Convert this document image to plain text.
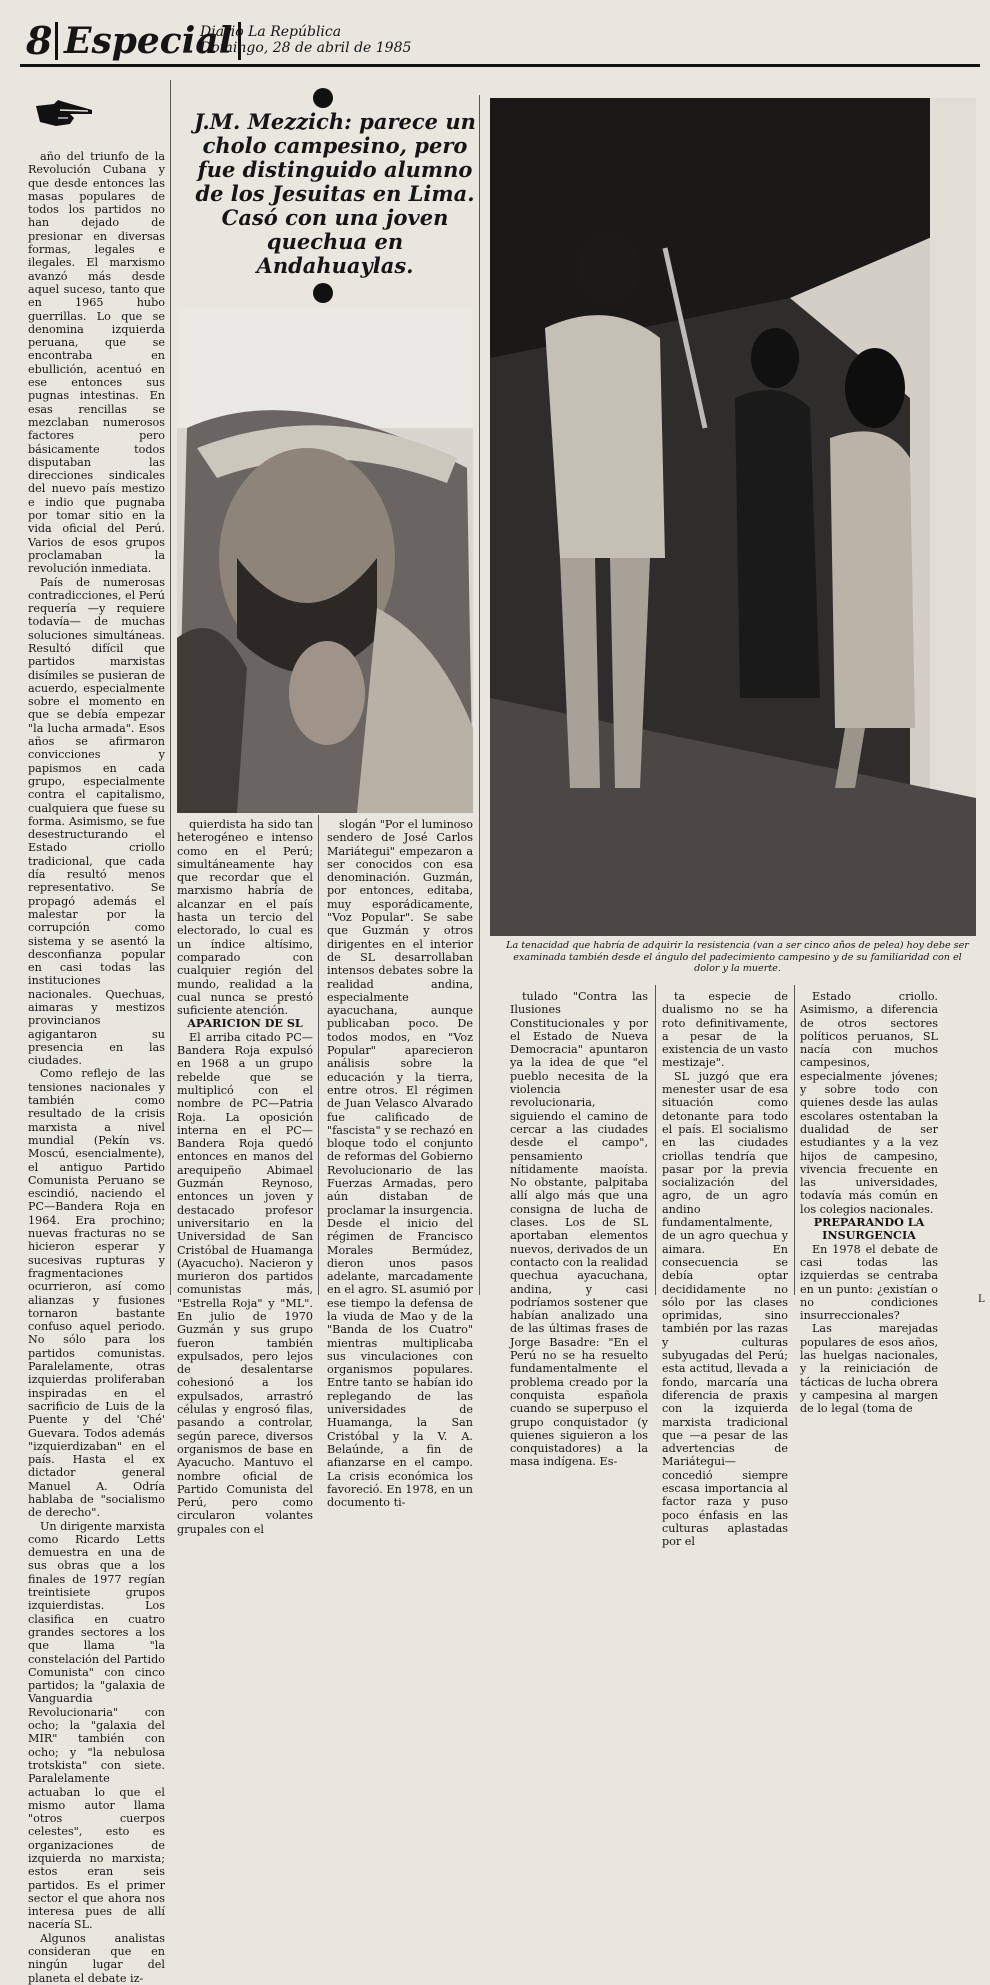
8 Especial
Diario La República
Domingo, 28 de abril de 1985

año del triunfo de la Revolución Cubana y que desde entonces las masas populares de todos los partidos no han dejado de presionar en diversas formas, legales e ilegales. El marxismo avanzó más desde aquel suceso, tanto que en 1965 hubo guerrillas. Lo que se denomina izquierda peruana, que se encontraba en ebullición, acentuó en ese entonces sus pugnas intestinas. En esas rencillas se mezclaban numerosos factores pero básicamente todos disputaban las direcciones sindicales del nuevo país mestizo e indio que pugnaba por tomar sitio en la vida oficial del Perú. Varios de esos grupos proclamaban la revolución inmediata.

País de numerosas contradicciones, el Perú requería —y requiere todavía— de muchas soluciones simultáneas. Resultó difícil que partidos marxistas disímiles se pusieran de acuerdo, especialmente sobre el momento en que se debía empezar "la lucha armada". Esos años se afirmaron convicciones y papismos en cada grupo, especialmente contra el capitalismo, cualquiera que fuese su forma. Asimismo, se fue desestructurando el Estado criollo tradicional, que cada día resultó menos representativo. Se propagó además el malestar por la corrupción como sistema y se asentó la desconfianza popular en casi todas las instituciones nacionales. Quechuas, aimaras y mestizos provincianos agigantaron su presencia en las ciudades.

Como reflejo de las tensiones nacionales y también como resultado de la crisis marxista a nivel mundial (Pekín vs. Moscú, esencialmente), el antiguo Partido Comunista Peruano se escindió, naciendo el PC—Bandera Roja en 1964. Era prochino; nuevas fracturas no se hicieron esperar y sucesivas rupturas y fragmentaciones ocurrieron, así como alianzas y fusiones tornaron bastante confuso aquel periodo. No sólo para los partidos comunistas. Paralelamente, otras izquierdas proliferaban inspiradas en el sacrificio de Luis de la Puente y del 'Ché' Guevara. Todos además "izquierdizaban" en el país. Hasta el ex dictador general Manuel A. Odría hablaba de "socialismo de derecho".

Un dirigente marxista como Ricardo Letts demuestra en una de sus obras que a los finales de 1977 regían treintisiete grupos izquierdistas. Los clasifica en cuatro grandes sectores a los que llama "la constelación del Partido Comunista" con cinco partidos; la "galaxia de Vanguardia Revolucionaria" con ocho; la "galaxia del MIR" también con ocho; y "la nebulosa trotskista" con siete. Paralelamente actuaban lo que el mismo autor llama "otros cuerpos celestes", esto es organizaciones de izquierda no marxista; estos eran seis partidos. Es el primer sector el que ahora nos interesa pues de allí nacería SL.

Algunos analistas consideran que en ningún lugar del planeta el debate iz-

J.M. Mezzich: parece un cholo campesino, pero fue distinguido alumno de los Jesuitas en Lima. Casó con una joven quechua en Andahuaylas.
La tenacidad que habría de adquirir la resistencia (van a ser cinco años de pelea) hoy debe ser examinada también desde el ángulo del padecimiento campesino y de su familiaridad con el dolor y la muerte.

quierdista ha sido tan heterogéneo e intenso como en el Perú; simultáneamente hay que recordar que el marxismo habría de alcanzar en el país hasta un tercio del electorado, lo cual es un índice altísimo, comparado con cualquier región del mundo, realidad a la cual nunca se prestó suficiente atención.

APARICION DE SL

El arriba citado PC—Bandera Roja expulsó en 1968 a un grupo rebelde que se multiplicó con el nombre de PC—Patria Roja. La oposición interna en el PC—Bandera Roja quedó entonces en manos del arequipeño Abimael Guzmán Reynoso, entonces un joven y destacado profesor universitario en la Universidad de San Cristóbal de Huamanga (Ayacucho). Nacieron y murieron dos partidos comunistas más, "Estrella Roja" y "ML". En julio de 1970 Guzmán y sus grupo fueron también expulsados, pero lejos de desalentarse cohesionó a los expulsados, arrastró células y engrosó filas, pasando a controlar, según parece, diversos organismos de base en Ayacucho. Mantuvo el nombre oficial de Partido Comunista del Perú, pero como circularon volantes grupales con el

slogán "Por el luminoso sendero de José Carlos Mariátegui" empezaron a ser conocidos con esa denominación. Guzmán, por entonces, editaba, muy esporádicamente, "Voz Popular". Se sabe que Guzmán y otros dirigentes en el interior de SL desarrollaban intensos debates sobre la realidad andina, especialmente ayacuchana, aunque publicaban poco. De todos modos, en "Voz Popular" aparecieron análisis sobre la educación y la tierra, entre otros. El régimen de Juan Velasco Alvarado fue calificado de "fascista" y se rechazó en bloque todo el conjunto de reformas del Gobierno Revolucionario de las Fuerzas Armadas, pero aún distaban de proclamar la insurgencia. Desde el inicio del régimen de Francisco Morales Bermúdez, dieron unos pasos adelante, marcadamente en el agro. SL asumió por ese tiempo la defensa de la viuda de Mao y de la "Banda de los Cuatro" mientras multiplicaba sus vinculaciones con organismos populares. Entre tanto se habían ido replegando de las universidades de Huamanga, la San Cristóbal y la V. A. Belaúnde, a fin de afianzarse en el campo. La crisis económica los favoreció. En 1978, en un documento ti-

tulado "Contra las Ilusiones Constitucionales y por el Estado de Nueva Democracia" apuntaron ya la idea de que "el pueblo necesita de la violencia revolucionaria, siguiendo el camino de cercar a las ciudades desde el campo", pensamiento nítidamente maoísta. No obstante, palpitaba allí algo más que una consigna de lucha de clases. Los de SL aportaban elementos nuevos, derivados de un contacto con la realidad quechua ayacuchana, andina, y casi podríamos sostener que habían analizado una de las últimas frases de Jorge Basadre: "En el Perú no se ha resuelto fundamentalmente el problema creado por la conquista española cuando se superpuso el grupo conquistador (y quienes siguieron a los conquistadores) a la masa indígena. Es-

ta especie de dualismo no se ha roto definitivamente, a pesar de la existencia de un vasto mestizaje".

SL juzgó que era menester usar de esa situación como detonante para todo el país. El socialismo en las ciudades criollas tendría que pasar por la previa socialización del agro, de un agro andino fundamentalmente, de un agro quechua y aimara. En consecuencia se debía optar decididamente no sólo por las clases oprimidas, sino también por las razas y culturas subyugadas del Perú; esta actitud, llevada a fondo, marcaría una diferencia de praxis con la izquierda marxista tradicional que —a pesar de las advertencias de Mariátegui— concedió siempre escasa importancia al factor raza y puso poco énfasis en las culturas aplastadas por el

Estado criollo. Asimismo, a diferencia de otros sectores políticos peruanos, SL nacía con muchos campesinos, especialmente jóvenes; y sobre todo con quienes desde las aulas escolares ostentaban la dualidad de ser estudiantes y a la vez hijos de campesino, vivencia frecuente en las universidades, todavía más común en los colegios nacionales.

PREPARANDO LA INSURGENCIA

En 1978 el debate de casi todas las izquierdas se centraba en un punto: ¿existían o no condiciones insurreccionales?

Las marejadas populares de esos años, las huelgas nacionales, y la reiniciación de tácticas de lucha obrera y campesina al margen de lo legal (toma de

L
